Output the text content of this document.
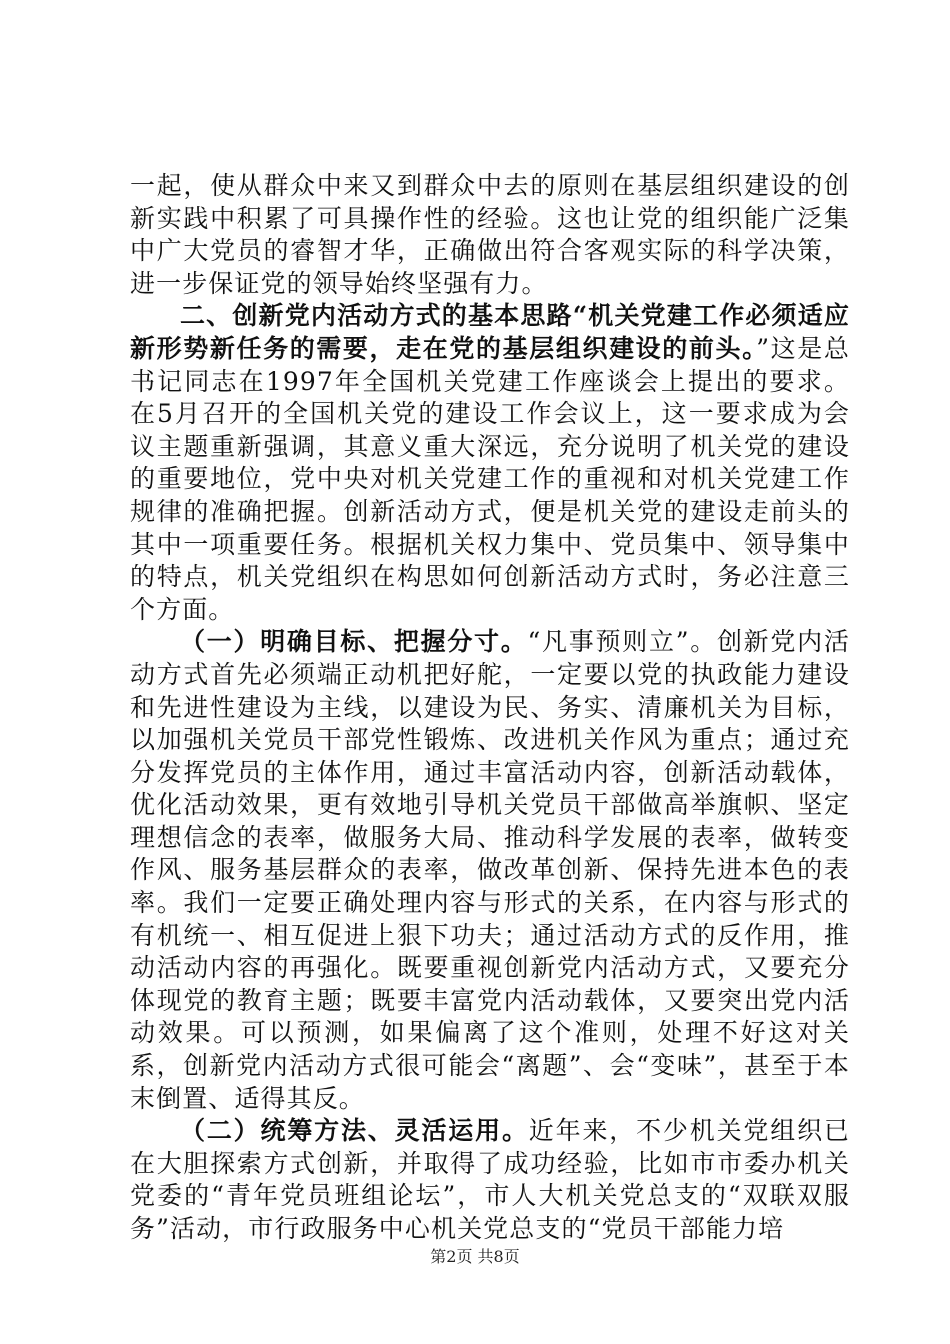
一起，使从群众中来又到群众中去的原则在基层组织建设的创新实践中积累了可具操作性的经验。这也让党的组织能广泛集中广大党员的睿智才华，正确做出符合客观实际的科学决策，进一步保证党的领导始终坚强有力。

二、创新党内活动方式的基本思路“机关党建工作必须适应新形势新任务的需要，走在党的基层组织建设的前头。”这是总书记同志在1997年全国机关党建工作座谈会上提出的要求。在5月召开的全国机关党的建设工作会议上，这一要求成为会议主题重新强调，其意义重大深远，充分说明了机关党的建设的重要地位，党中央对机关党建工作的重视和对机关党建工作规律的准确把握。创新活动方式，便是机关党的建设走前头的其中一项重要任务。根据机关权力集中、党员集中、领导集中的特点，机关党组织在构思如何创新活动方式时，务必注意三个方面。

（一）明确目标、把握分寸。“凡事预则立”。创新党内活动方式首先必须端正动机把好舵，一定要以党的执政能力建设和先进性建设为主线，以建设为民、务实、清廉机关为目标，以加强机关党员干部党性锻炼、改进机关作风为重点；通过充分发挥党员的主体作用，通过丰富活动内容，创新活动载体，优化活动效果，更有效地引导机关党员干部做高举旗帜、坚定理想信念的表率，做服务大局、推动科学发展的表率，做转变作风、服务基层群众的表率，做改革创新、保持先进本色的表率。我们一定要正确处理内容与形式的关系，在内容与形式的有机统一、相互促进上狠下功夫；通过活动方式的反作用，推动活动内容的再强化。既要重视创新党内活动方式，又要充分体现党的教育主题；既要丰富党内活动载体，又要突出党内活动效果。可以预测，如果偏离了这个准则，处理不好这对关系，创新党内活动方式很可能会“离题”、会“变味”，甚至于本末倒置、适得其反。

（二）统筹方法、灵活运用。近年来，不少机关党组织已在大胆探索方式创新，并取得了成功经验，比如市市委办机关党委的“青年党员班组论坛”，市人大机关党总支的“双联双服务”活动，市行政服务中心机关党总支的“党员干部能力培

第2页 共8页
